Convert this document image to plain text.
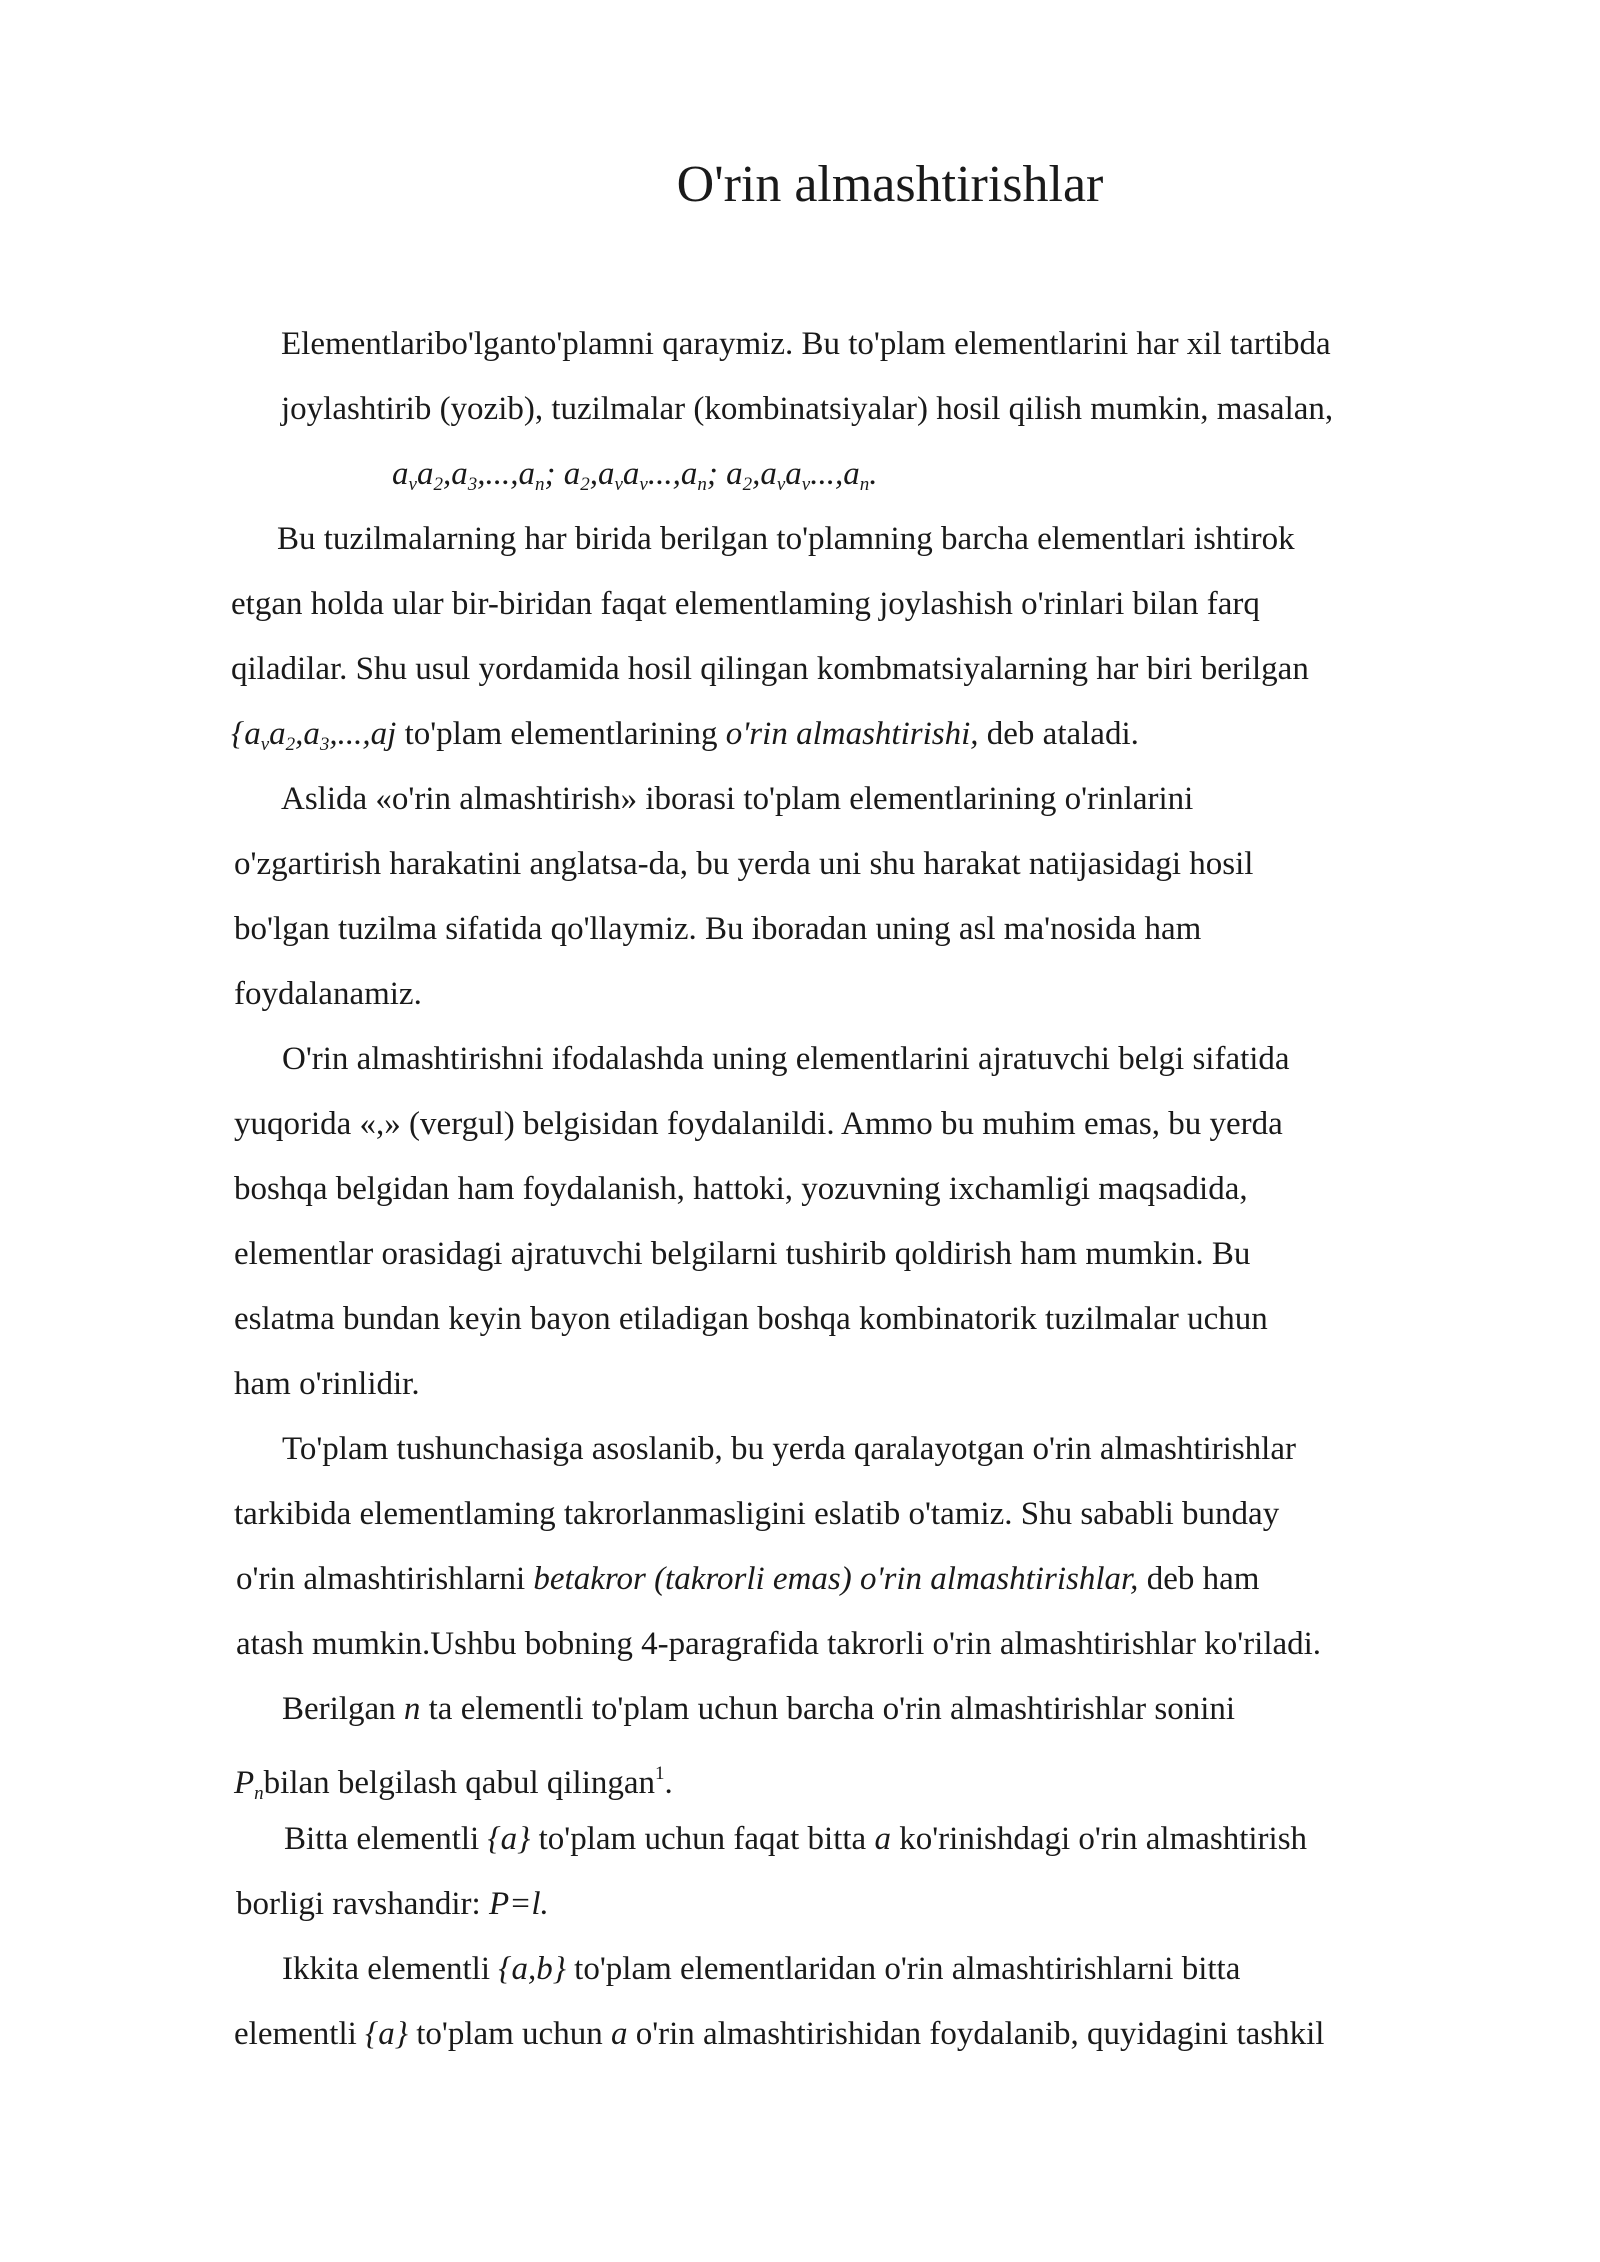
O'rin almashtirishlar
Elementlaribo'lganto'plamni qaraymiz. Bu to'plam elementlarini har xil tartibda
joylashtirib (yozib), tuzilmalar (kombinatsiyalar) hosil qilish mumkin, masalan,
$a_va_2,a_3,...,a_n$; $a_2,a_va_v...,a_n$; $a_2,a_va_v...,a_n$.
Bu tuzilmalarning har birida berilgan to'plamning barcha elementlari ishtirok
etgan holda ular bir-biridan faqat elementlaming joylashish o'rinlari bilan farq
qiladilar. Shu usul yordamida hosil qilingan kombmatsiyalarning har biri berilgan
{$a_va_2,a_3,...,aj$ to'plam elementlarining o'rin almashtirishi, deb ataladi.
Aslida «o'rin almashtirish» iborasi to'plam elementlarining o'rinlarini
o'zgartirish harakatini anglatsa-da, bu yerda uni shu harakat natijasidagi hosil
bo'lgan tuzilma sifatida qo'llaymiz. Bu iboradan uning asl ma'nosida ham
foydalanamiz.
O'rin almashtirishni ifodalashda uning elementlarini ajratuvchi belgi sifatida
yuqorida «,» (vergul) belgisidan foydalanildi. Ammo bu muhim emas, bu yerda
boshqa belgidan ham foydalanish, hattoki, yozuvning ixchamligi maqsadida,
elementlar orasidagi ajratuvchi belgilarni tushirib qoldirish ham mumkin. Bu
eslatma bundan keyin bayon etiladigan boshqa kombinatorik tuzilmalar uchun
ham o'rinlidir.
To'plam tushunchasiga asoslanib, bu yerda qaralayotgan o'rin almashtirishlar
tarkibida elementlaming takrorlanmasligini eslatib o'tamiz. Shu sababli bunday
o'rin almashtirishlarni betakror (takrorli emas) o'rin almashtirishlar, deb ham
atash mumkin.Ushbu bobning 4-paragrafida takrorli o'rin almashtirishlar ko'riladi.
Berilgan n ta elementli to'plam uchun barcha o'rin almashtirishlar sonini
$P_nbilan$ belgilash qabul qilingan$^1$.
Bitta elementli {a} to'plam uchun faqat bitta a ko'rinishdagi o'rin almashtirish
borligi ravshandir: P=l.
Ikkita elementli {a,b} to'plam elementlaridan o'rin almashtirishlarni bitta
elementli {a} to'plam uchun a o'rin almashtirishidan foydalanib, quyidagini tashkil
